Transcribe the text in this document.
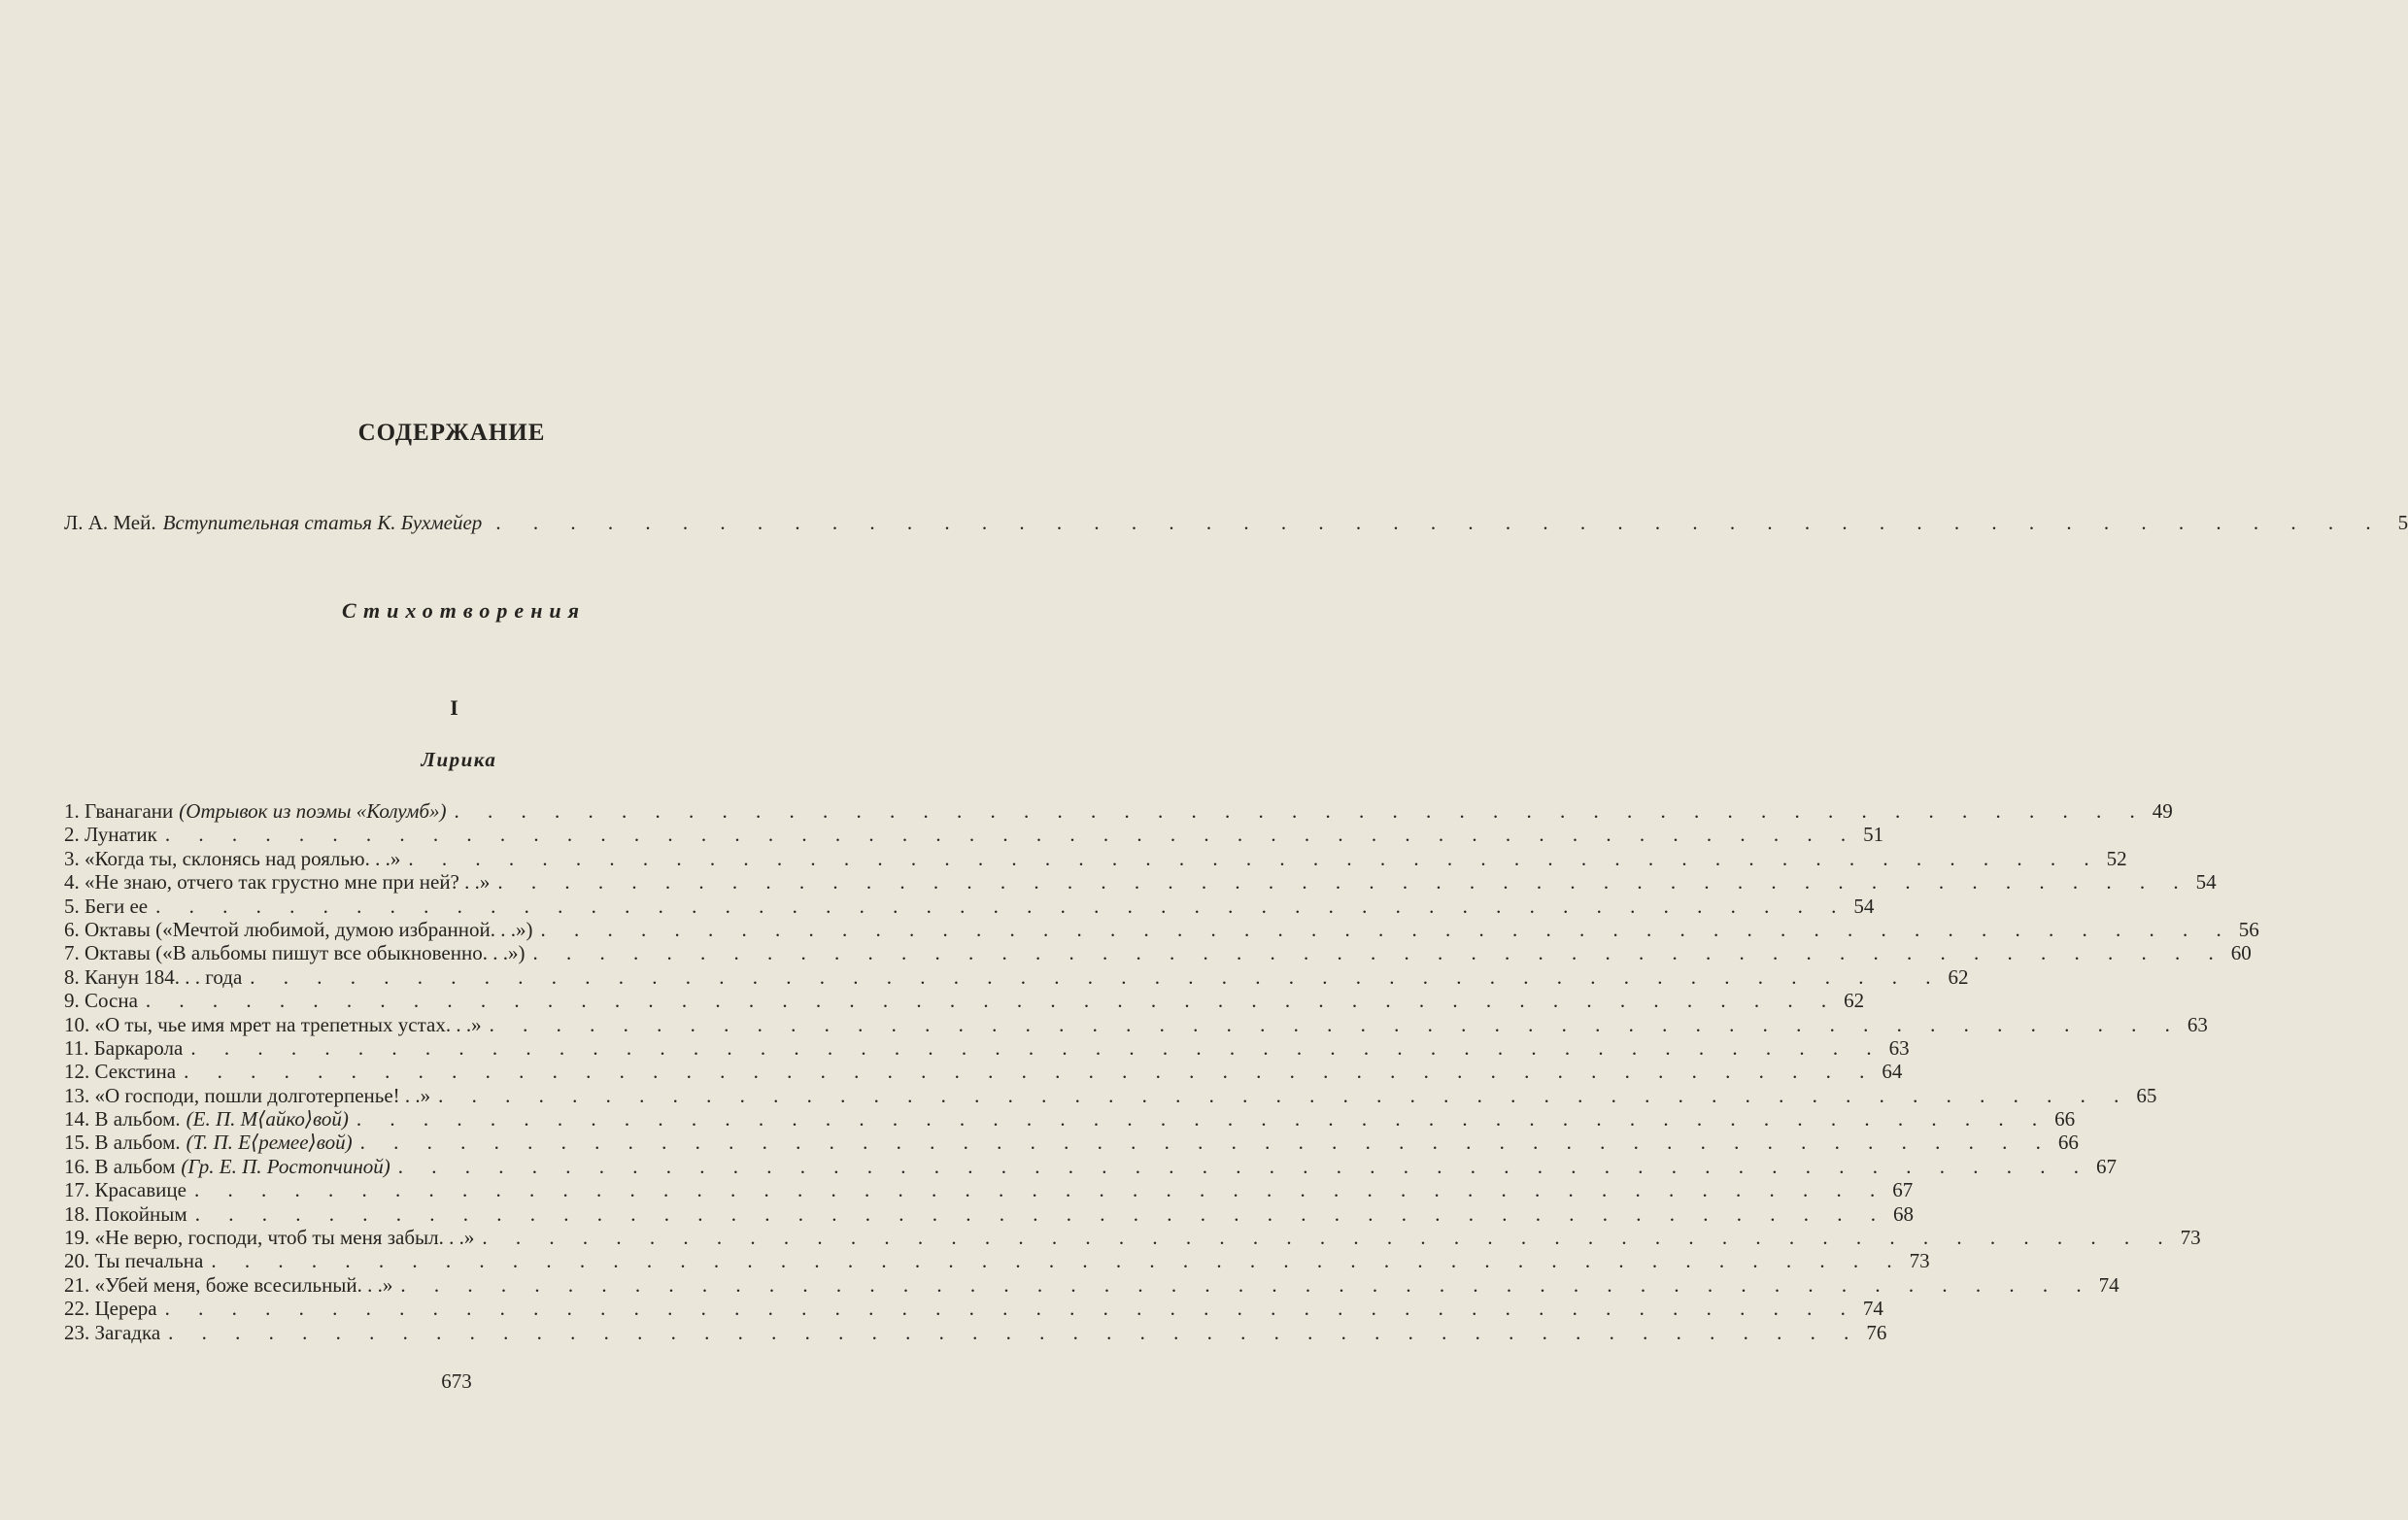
СОДЕРЖАНИЕ
Л. А. Мей. Вступительная статья К. Бухмейер . . . . . . . . . . . . . . . . . . . . . . . . . . . . . . . . . . . . . . . . . . . . . . . . . . . 5
Стихотворения
I
Лирика
1. Гванагани (Отрывок из поэмы «Колумб») . . . . . . . . . . . . . . . . . . . . . . . . . . . . . . . . . . . . . . . . . . . . . . . . . . . 49
2. Лунатик . . . . . . . . . . . . . . . . . . . . . . . . . . . . . . . . . . . . . . . . . . . . . . . . . . . 51
3. «Когда ты, склонясь над роялью. . .» . . . . . . . . . . . . . . . . . . . . . . . . . . . . . . . . . . . . . . . . . . . . . . . . . . . 52
4. «Не знаю, отчего так грустно мне при ней? . .» . . . . . . . . . . . . . . . . . . . . . . . . . . . . . . . . . . . . . . . . . . . . . . . . . . . 54
5. Беги ее . . . . . . . . . . . . . . . . . . . . . . . . . . . . . . . . . . . . . . . . . . . . . . . . . . . 54
6. Октавы («Мечтой любимой, думою избранной. . .») . . . . . . . . . . . . . . . . . . . . . . . . . . . . . . . . . . . . . . . . . . . . . . . . . . . 56
7. Октавы («В альбомы пишут все обыкновенно. . .») . . . . . . . . . . . . . . . . . . . . . . . . . . . . . . . . . . . . . . . . . . . . . . . . . . . 60
8. Канун 184. . . года . . . . . . . . . . . . . . . . . . . . . . . . . . . . . . . . . . . . . . . . . . . . . . . . . . . 62
9. Сосна . . . . . . . . . . . . . . . . . . . . . . . . . . . . . . . . . . . . . . . . . . . . . . . . . . . 62
10. «О ты, чье имя мрет на трепетных устах. . .» . . . . . . . . . . . . . . . . . . . . . . . . . . . . . . . . . . . . . . . . . . . . . . . . . . . 63
11. Баркарола . . . . . . . . . . . . . . . . . . . . . . . . . . . . . . . . . . . . . . . . . . . . . . . . . . . 63
12. Секстина . . . . . . . . . . . . . . . . . . . . . . . . . . . . . . . . . . . . . . . . . . . . . . . . . . . 64
13. «О господи, пошли долготерпенье! . .» . . . . . . . . . . . . . . . . . . . . . . . . . . . . . . . . . . . . . . . . . . . . . . . . . . . 65
14. В альбом. (Е. П. М⟨айко⟩вой) . . . . . . . . . . . . . . . . . . . . . . . . . . . . . . . . . . . . . . . . . . . . . . . . . . . 66
15. В альбом. (Т. П. Е⟨ремее⟩вой) . . . . . . . . . . . . . . . . . . . . . . . . . . . . . . . . . . . . . . . . . . . . . . . . . . . 66
16. В альбом (Гр. Е. П. Ростопчиной) . . . . . . . . . . . . . . . . . . . . . . . . . . . . . . . . . . . . . . . . . . . . . . . . . . . 67
17. Красавице . . . . . . . . . . . . . . . . . . . . . . . . . . . . . . . . . . . . . . . . . . . . . . . . . . . 67
18. Покойным . . . . . . . . . . . . . . . . . . . . . . . . . . . . . . . . . . . . . . . . . . . . . . . . . . . 68
19. «Не верю, господи, чтоб ты меня забыл. . .» . . . . . . . . . . . . . . . . . . . . . . . . . . . . . . . . . . . . . . . . . . . . . . . . . . . 73
20. Ты печальна . . . . . . . . . . . . . . . . . . . . . . . . . . . . . . . . . . . . . . . . . . . . . . . . . . . 73
21. «Убей меня, боже всесильный. . .» . . . . . . . . . . . . . . . . . . . . . . . . . . . . . . . . . . . . . . . . . . . . . . . . . . . 74
22. Церера . . . . . . . . . . . . . . . . . . . . . . . . . . . . . . . . . . . . . . . . . . . . . . . . . . . 74
23. Загадка . . . . . . . . . . . . . . . . . . . . . . . . . . . . . . . . . . . . . . . . . . . . . . . . . . . 76
673
